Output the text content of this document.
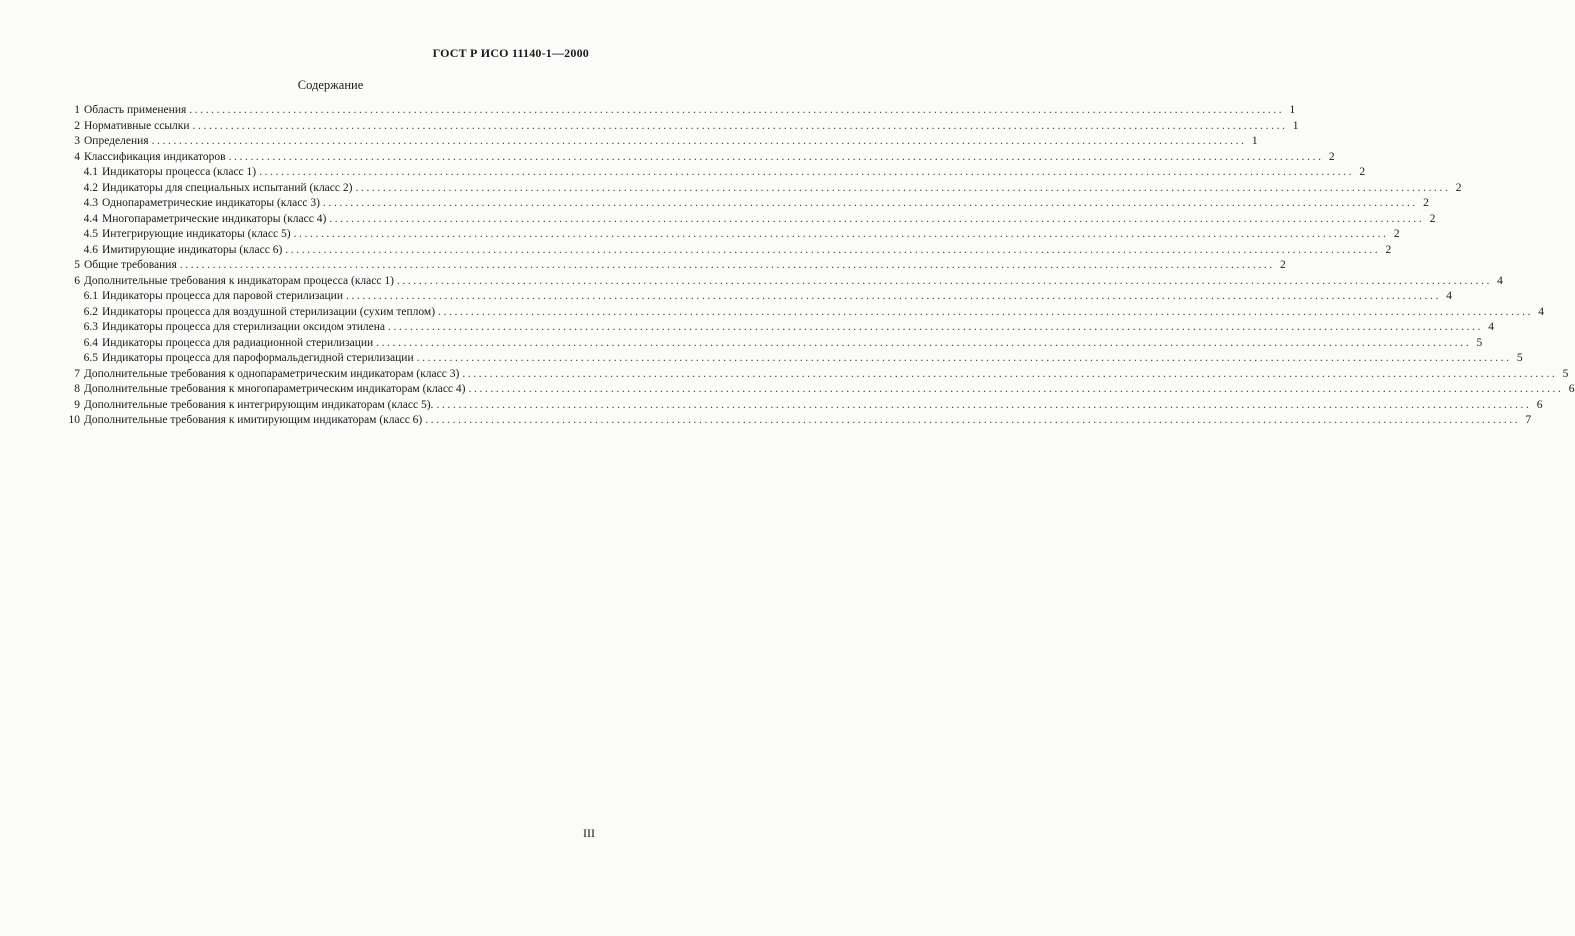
ГОСТ Р ИСО 11140-1—2000
Содержание
1 Область применения ........................................................................................................................................................................................................ 1
2 Нормативные ссылки ........................................................................................................................................................................................................ 1
3 Определения ........................................................................................................................................................................................................ 1
4 Классификация индикаторов ........................................................................................................................................................................................................ 2
4.1 Индикаторы процесса (класс 1) ........................................................................................................................................................................................................ 2
4.2 Индикаторы для специальных испытаний (класс 2) ........................................................................................................................................................................................................ 2
4.3 Однопараметрические индикаторы (класс 3) ........................................................................................................................................................................................................ 2
4.4 Многопараметрические индикаторы (класс 4) ........................................................................................................................................................................................................ 2
4.5 Интегрирующие индикаторы (класс 5) ........................................................................................................................................................................................................ 2
4.6 Имитирующие индикаторы (класс 6) ........................................................................................................................................................................................................ 2
5 Общие требования ........................................................................................................................................................................................................ 2
6 Дополнительные требования к индикаторам процесса (класс 1) ........................................................................................................................................................................................................ 4
6.1 Индикаторы процесса для паровой стерилизации ........................................................................................................................................................................................................ 4
6.2 Индикаторы процесса для воздушной стерилизации (сухим теплом) ........................................................................................................................................................................................................ 4
6.3 Индикаторы процесса для стерилизации оксидом этилена ........................................................................................................................................................................................................ 4
6.4 Индикаторы процесса для радиационной стерилизации ........................................................................................................................................................................................................ 5
6.5 Индикаторы процесса для пароформальдегидной стерилизации ........................................................................................................................................................................................................ 5
7 Дополнительные требования к однопараметрическим индикаторам (класс 3) ........................................................................................................................................................................................................ 5
8 Дополнительные требования к многопараметрическим индикаторам (класс 4) ........................................................................................................................................................................................................ 6
9 Дополнительные требования к интегрирующим индикаторам (класс 5). ........................................................................................................................................................................................................ 6
10 Дополнительные требования к имитирующим индикаторам (класс 6) ........................................................................................................................................................................................................ 7
III
